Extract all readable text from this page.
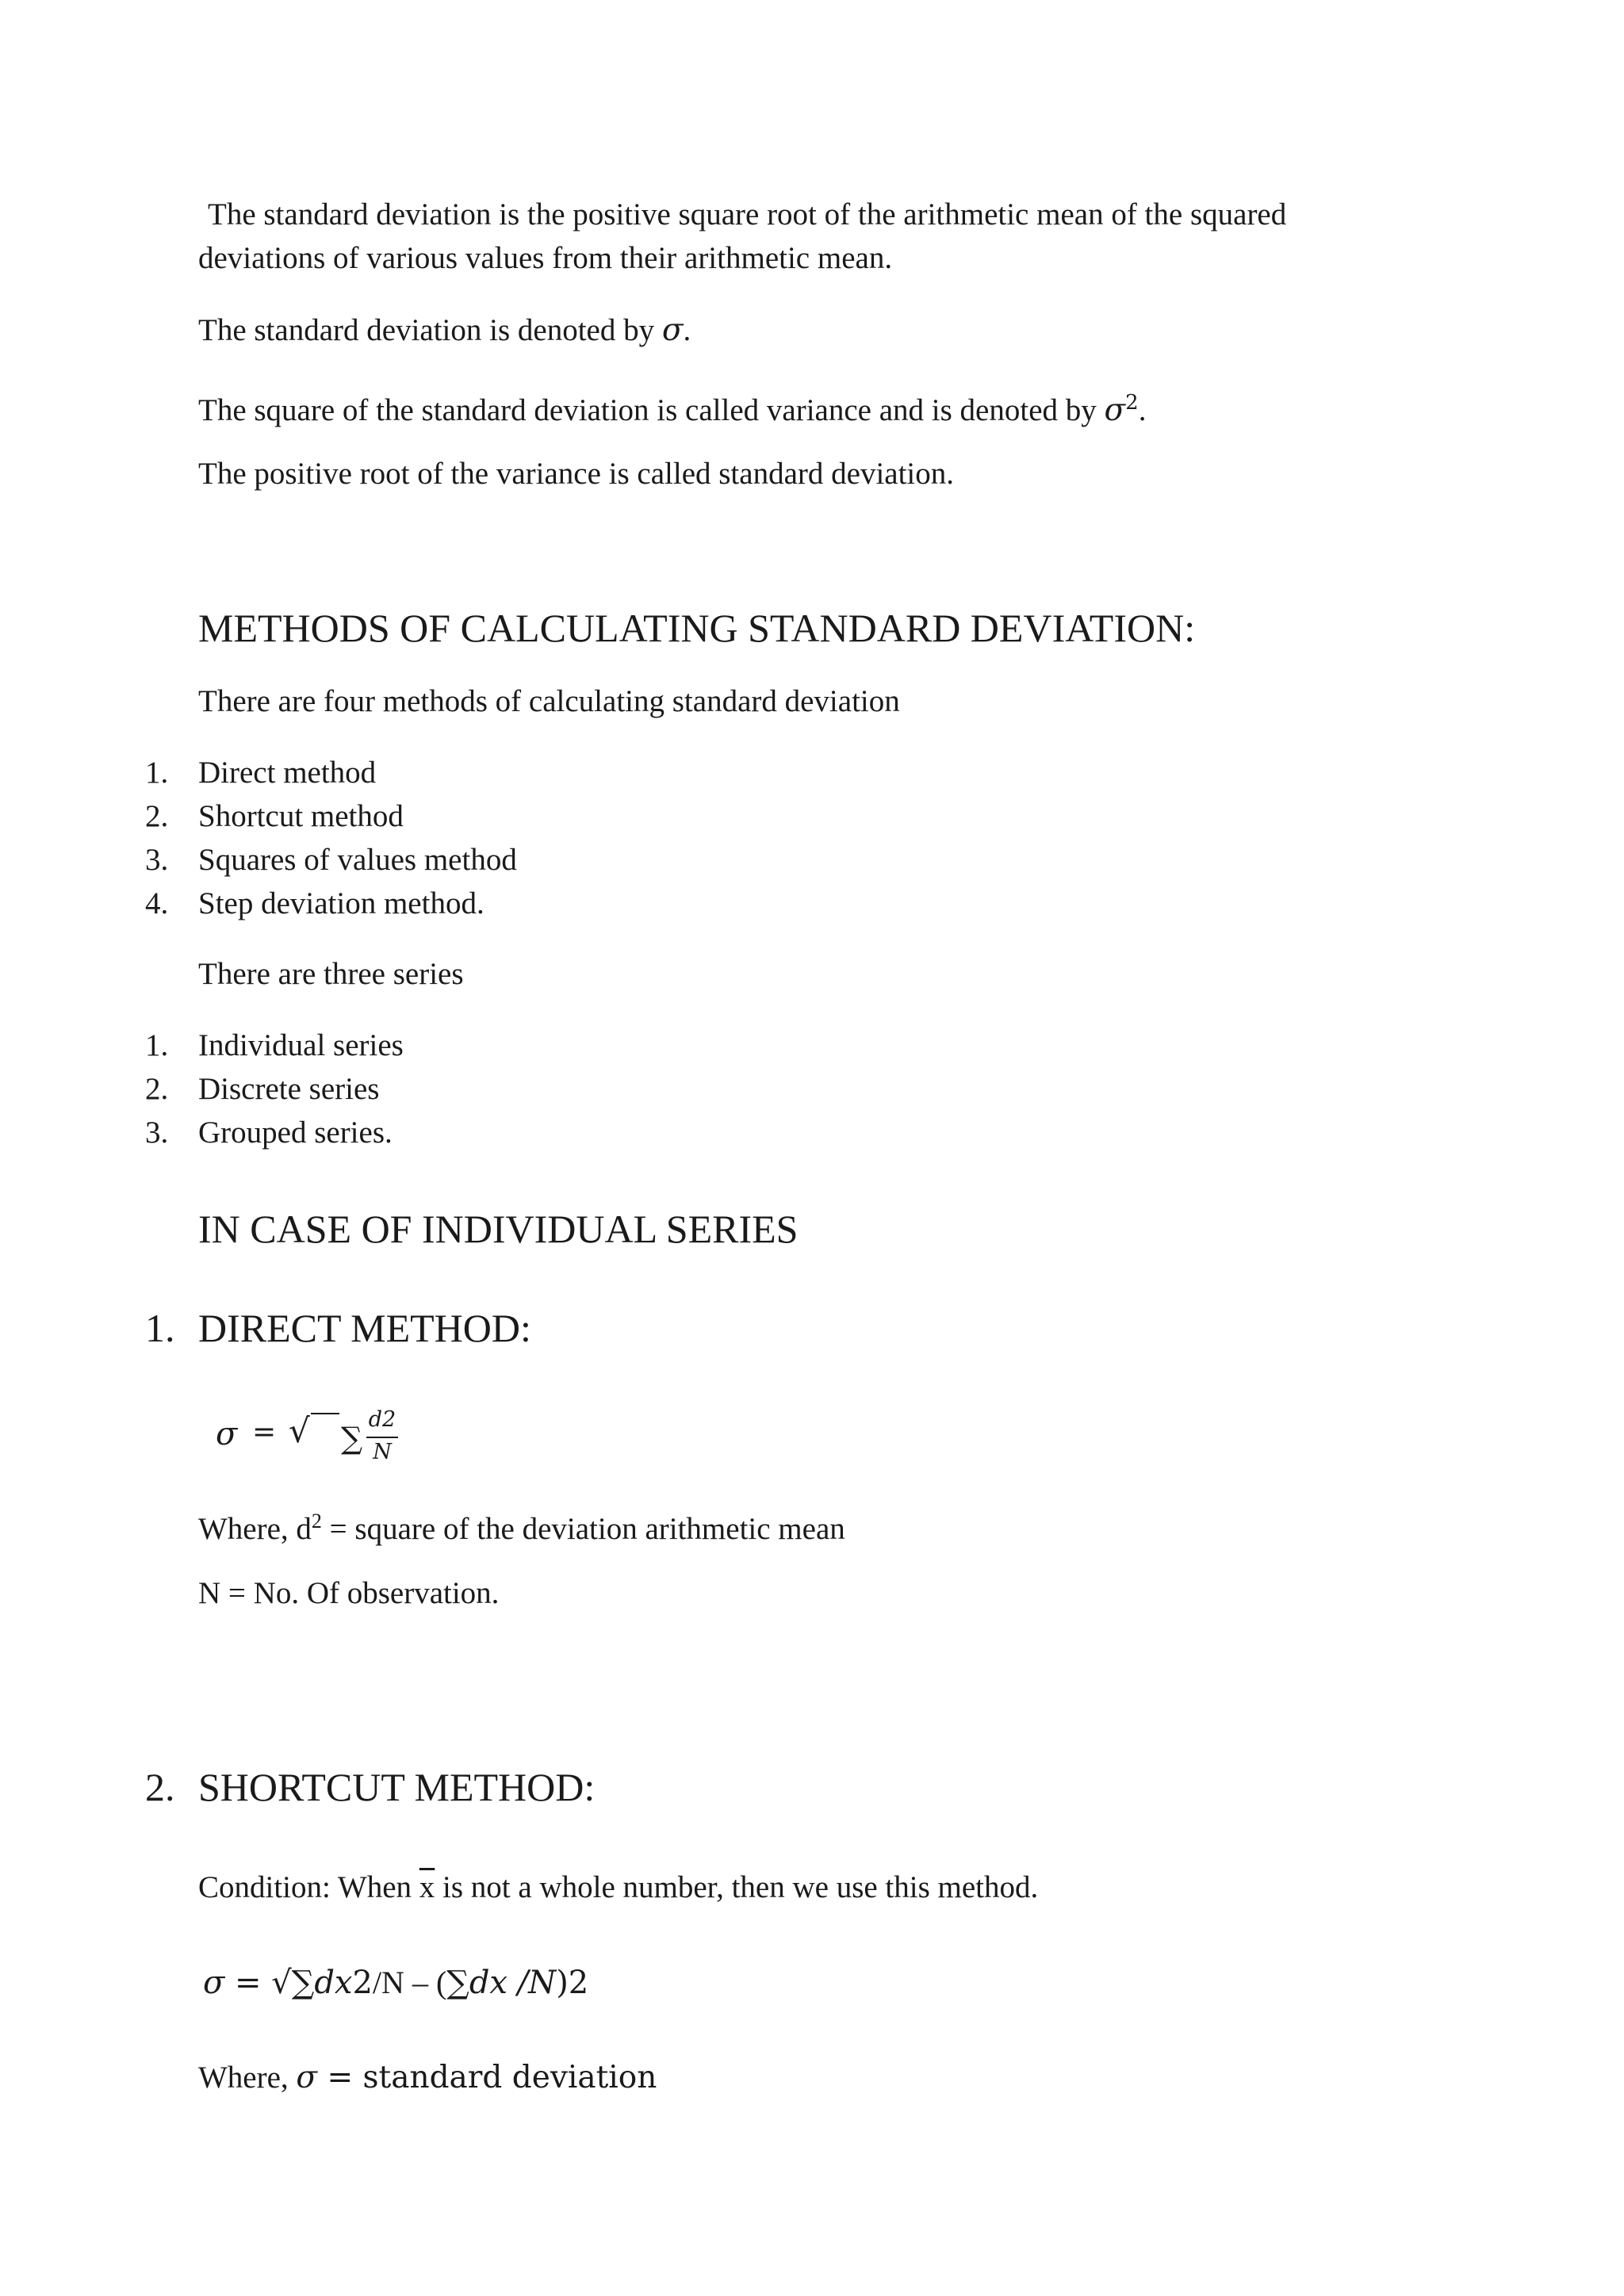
The standard deviation is the positive square root of the arithmetic mean of the squared
deviations of various values from their arithmetic mean.
The standard deviation is denoted by σ.
The square of the standard deviation is called variance and is denoted by $\sigma^2$.
The positive root of the variance is called standard deviation.
METHODS OF CALCULATING STANDARD DEVIATION:
There are four methods of calculating standard deviation
1. Direct method
2. Shortcut method
3. Squares of values method
4. Step deviation method.
There are three series
1. Individual series
2. Discrete series
3. Grouped series.
IN CASE OF INDIVIDUAL SERIES
1. DIRECT METHOD:
σ = √ ∑
d2
N
Where, $d^2$ = square of the deviation arithmetic mean
N = No. Of observation.
2. SHORTCUT METHOD:
Condition: When $\overline{x}$ is not a whole number, then we use this method.
σ = √∑dx2/N – (∑dx /N)2
Where, σ = standard deviation
